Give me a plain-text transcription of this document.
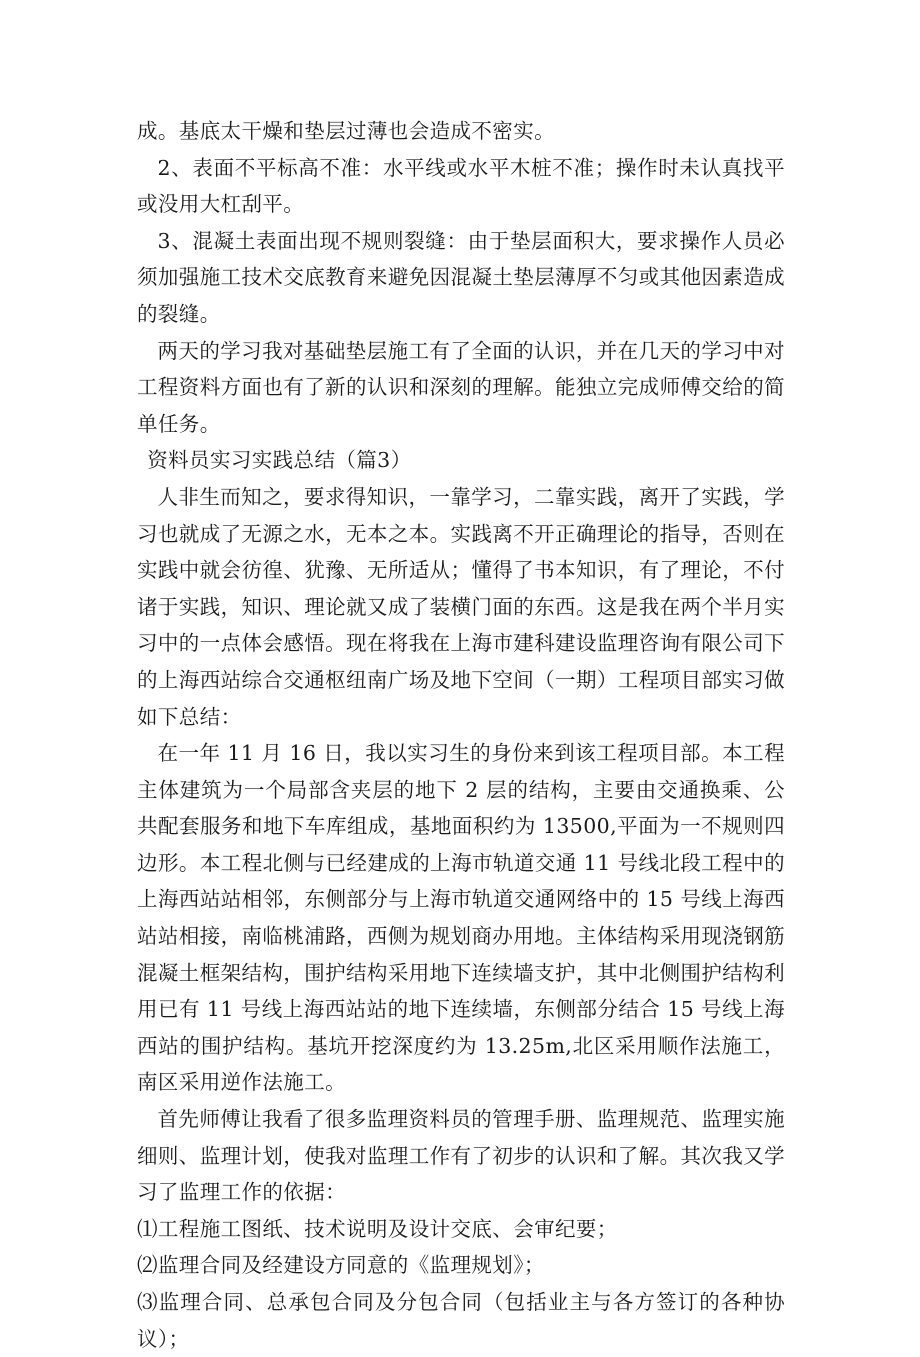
成。基底太干燥和垫层过薄也会造成不密实。

2、表面不平标高不准：水平线或水平木桩不准；操作时未认真找平或没用大杠刮平。

3、混凝土表面出现不规则裂缝：由于垫层面积大，要求操作人员必须加强施工技术交底教育来避免因混凝土垫层薄厚不匀或其他因素造成的裂缝。

两天的学习我对基础垫层施工有了全面的认识，并在几天的学习中对工程资料方面也有了新的认识和深刻的理解。能独立完成师傅交给的简单任务。

资料员实习实践总结（篇3）

人非生而知之，要求得知识，一靠学习，二靠实践，离开了实践，学习也就成了无源之水，无本之本。实践离不开正确理论的指导，否则在实践中就会彷徨、犹豫、无所适从；懂得了书本知识，有了理论，不付诸于实践，知识、理论就又成了装横门面的东西。这是我在两个半月实习中的一点体会感悟。现在将我在上海市建科建设监理咨询有限公司下的上海西站综合交通枢纽南广场及地下空间（一期）工程项目部实习做如下总结：

在一年 11 月 16 日，我以实习生的身份来到该工程项目部。本工程主体建筑为一个局部含夹层的地下 2 层的结构，主要由交通换乘、公共配套服务和地下车库组成，基地面积约为 13500,平面为一不规则四边形。本工程北侧与已经建成的上海市轨道交通 11 号线北段工程中的上海西站站相邻，东侧部分与上海市轨道交通网络中的 15 号线上海西站站相接，南临桃浦路，西侧为规划商办用地。主体结构采用现浇钢筋混凝土框架结构，围护结构采用地下连续墙支护，其中北侧围护结构利用已有 11 号线上海西站站的地下连续墙，东侧部分结合 15 号线上海西站的围护结构。基坑开挖深度约为 13.25m,北区采用顺作法施工，南区采用逆作法施工。

首先师傅让我看了很多监理资料员的管理手册、监理规范、监理实施细则、监理计划，使我对监理工作有了初步的认识和了解。其次我又学习了监理工作的依据：

⑴工程施工图纸、技术说明及设计交底、会审纪要；

⑵监理合同及经建设方同意的《监理规划》；

⑶监理合同、总承包合同及分包合同（包括业主与各方签订的各种协议）；
